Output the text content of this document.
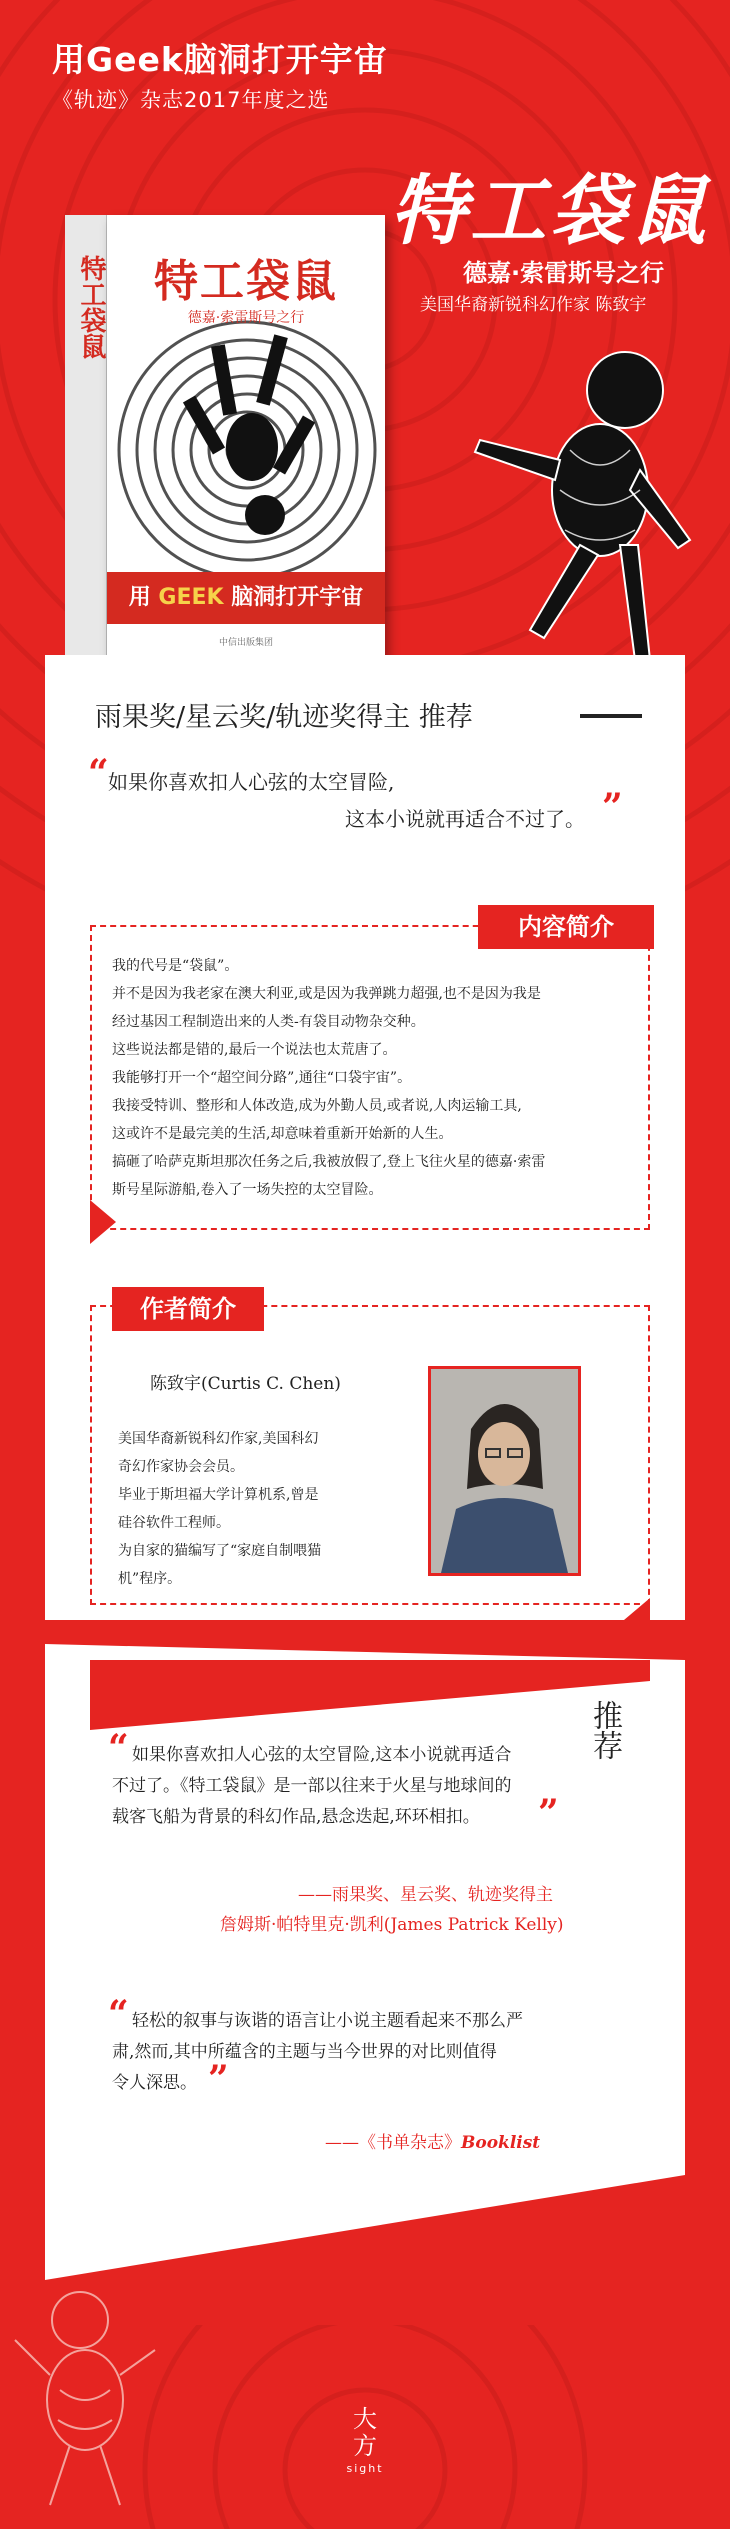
用Geek脑洞打开宇宙
《轨迹》杂志2017年度之选
特工袋鼠	特工袋鼠
德嘉·索雷斯号之行
用 GEEK 脑洞打开宇宙
中信出版集团
特工袋鼠
德嘉·索雷斯号之行
美国华裔新锐科幻作家 陈致宇
雨果奖/星云奖/轨迹奖得主 推荐
“ 如果你喜欢扣人心弦的太空冒险,
这本小说就再适合不过了。 ”
内容简介
我的代号是“袋鼠”。
并不是因为我老家在澳大利亚,或是因为我弹跳力超强,也不是因为我是
经过基因工程制造出来的人类-有袋目动物杂交种。
这些说法都是错的,最后一个说法也太荒唐了。
我能够打开一个“超空间分路”,通往“口袋宇宙”。
我接受特训、整形和人体改造,成为外勤人员,或者说,人肉运输工具,
这或许不是最完美的生活,却意味着重新开始新的人生。
搞砸了哈萨克斯坦那次任务之后,我被放假了,登上飞往火星的德嘉·索雷
斯号星际游船,卷入了一场失控的太空冒险。
作者简介
陈致宇(Curtis C. Chen)
美国华裔新锐科幻作家,美国科幻
奇幻作家协会会员。
毕业于斯坦福大学计算机系,曾是
硅谷软件工程师。
为自家的猫编写了“家庭自制喂猫
机”程序。
推荐
“ 如果你喜欢扣人心弦的太空冒险,这本小说就再适合
不过了。《特工袋鼠》是一部以往来于火星与地球间的
载客飞船为背景的科幻作品,悬念迭起,环环相扣。 ”
——雨果奖、星云奖、轨迹奖得主
詹姆斯·帕特里克·凯利(James Patrick Kelly)
“ 轻松的叙事与诙谐的语言让小说主题看起来不那么严
肃,然而,其中所蕴含的主题与当今世界的对比则值得
令人深思。 ”
——《书单杂志》Booklist
大
方
sight
